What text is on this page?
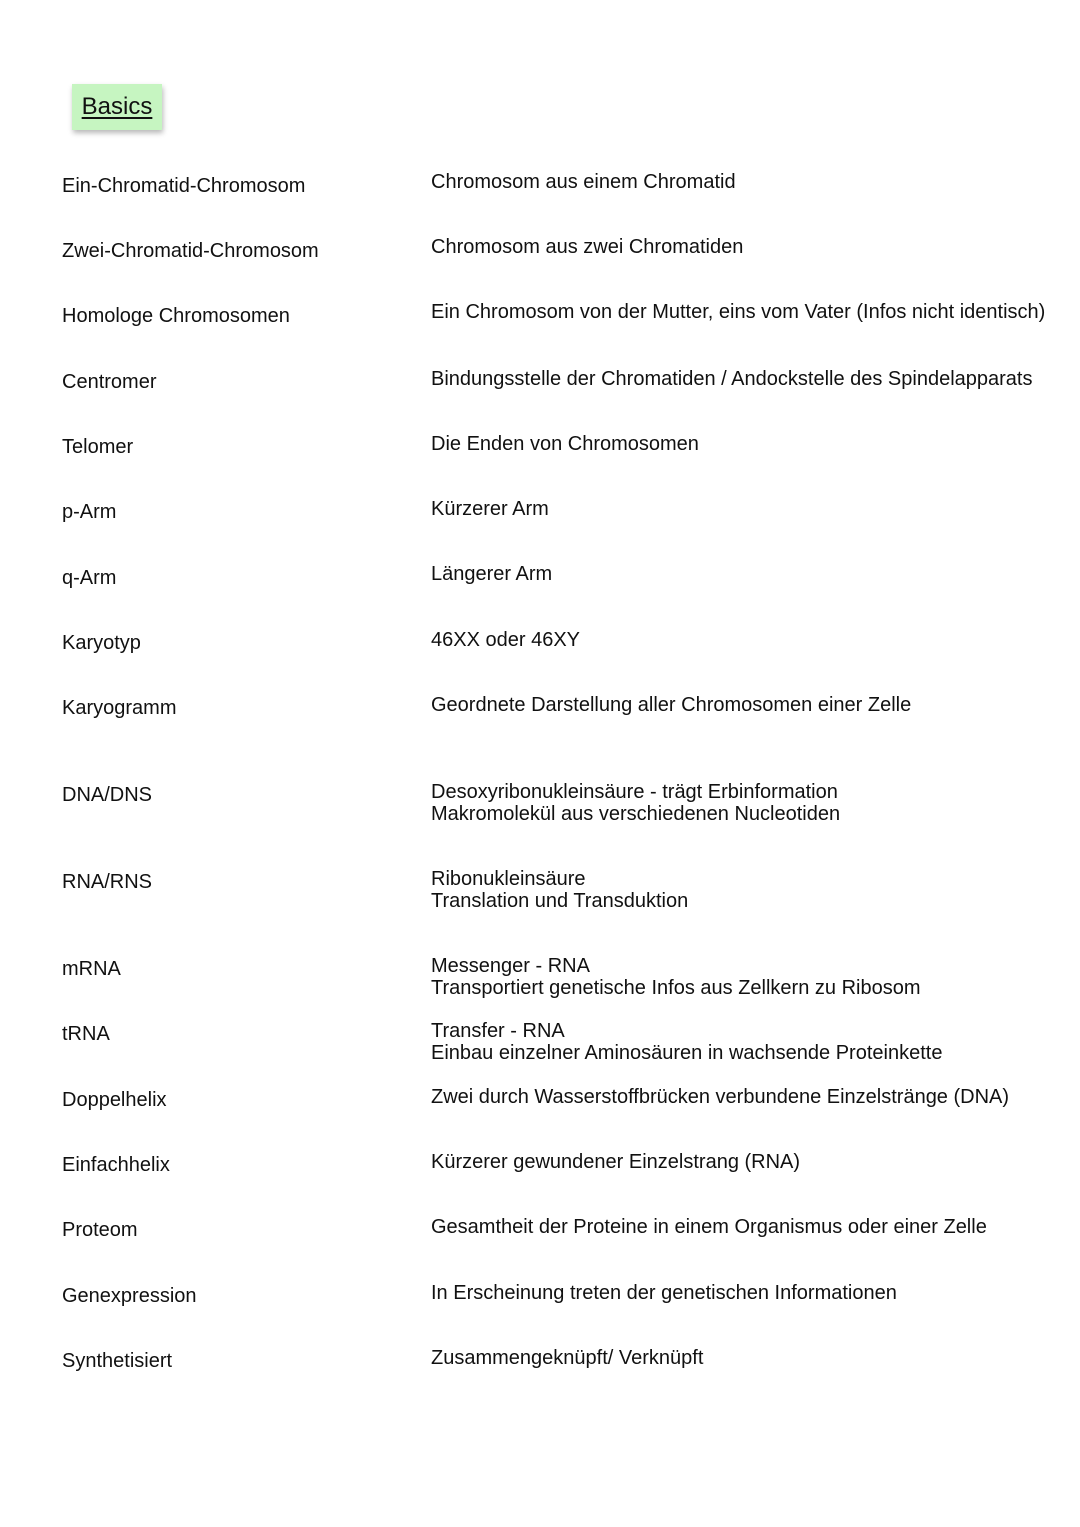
Basics
Ein-Chromatid-Chromosom	Chromosom aus einem Chromatid
Zwei-Chromatid-Chromosom	Chromosom aus zwei Chromatiden
Homologe Chromosomen	Ein Chromosom von der Mutter, eins vom Vater (Infos nicht identisch)
Centromer	Bindungsstelle der Chromatiden / Andockstelle des Spindelapparats
Telomer	Die Enden von Chromosomen
p-Arm	Kürzerer Arm
q-Arm	Längerer Arm
Karyotyp	46XX oder 46XY
Karyogramm	Geordnete Darstellung aller Chromosomen einer Zelle
DNA/DNS	Desoxyribonukleinsäure - trägt Erbinformation
Makromolekül aus verschiedenen Nucleotiden
RNA/RNS	Ribonukleinsäure
Translation und Transduktion
mRNA	Messenger - RNA
Transportiert genetische Infos aus Zellkern zu Ribosom
tRNA	Transfer - RNA
Einbau einzelner Aminosäuren in wachsende Proteinkette
Doppelhelix	Zwei durch Wasserstoffbrücken verbundene Einzelstränge (DNA)
Einfachhelix	Kürzerer gewundener Einzelstrang (RNA)
Proteom	Gesamtheit der Proteine in einem Organismus oder einer Zelle
Genexpression	In Erscheinung treten der genetischen Informationen
Synthetisiert	Zusammengeknüpft/ Verknüpft
